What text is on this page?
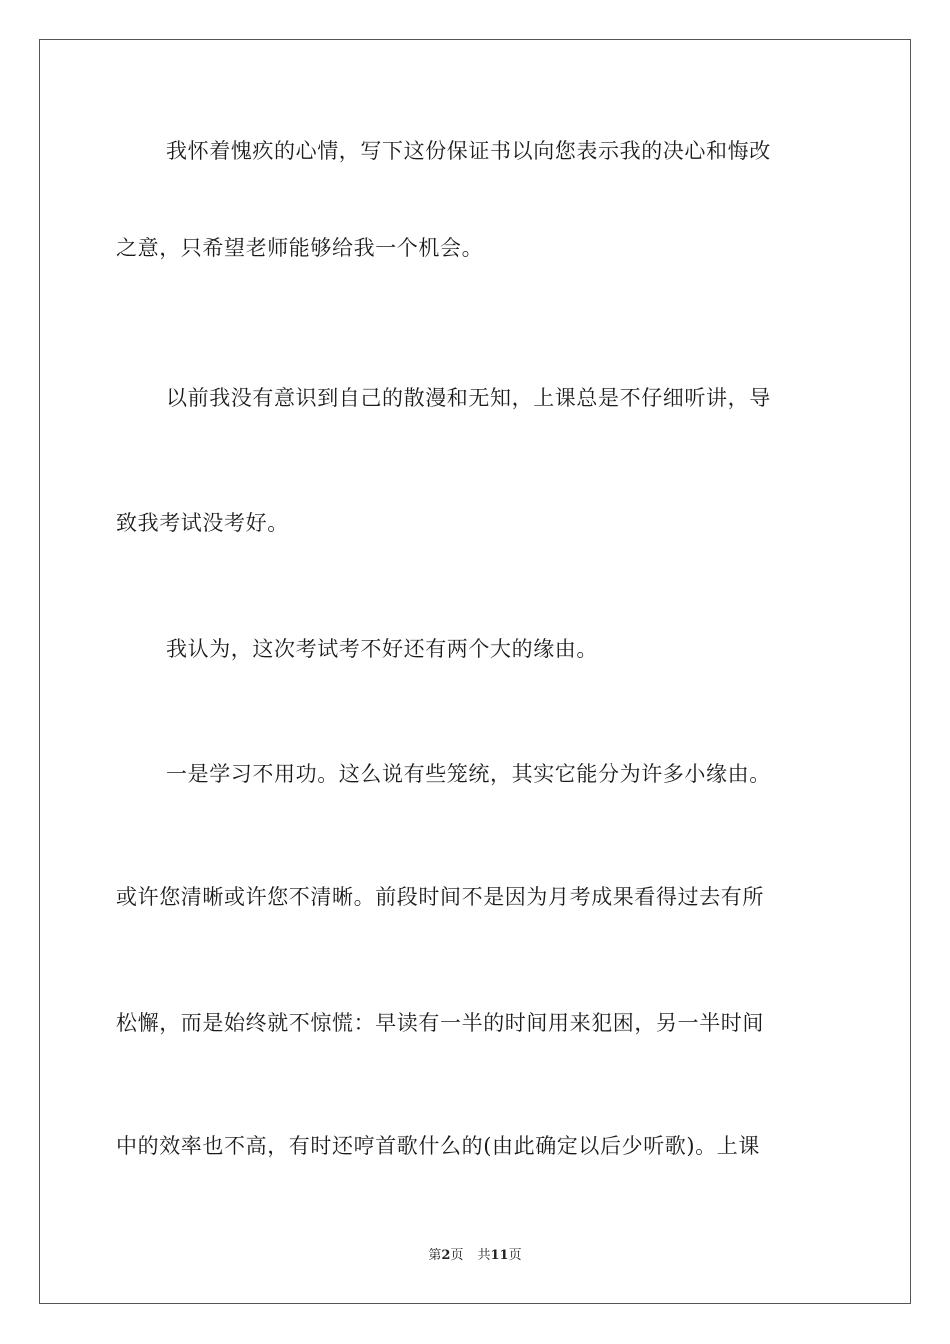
我怀着愧疚的心情，写下这份保证书以向您表示我的决心和悔改
之意，只希望老师能够给我一个机会。
以前我没有意识到自己的散漫和无知，上课总是不仔细听讲，导
致我考试没考好。
我认为，这次考试考不好还有两个大的缘由。
一是学习不用功。这么说有些笼统，其实它能分为许多小缘由。
或许您清晰或许您不清晰。前段时间不是因为月考成果看得过去有所
松懈，而是始终就不惊慌：早读有一半的时间用来犯困，另一半时间
中的效率也不高，有时还哼首歌什么的(由此确定以后少听歌)。上课
第2页 共11页
